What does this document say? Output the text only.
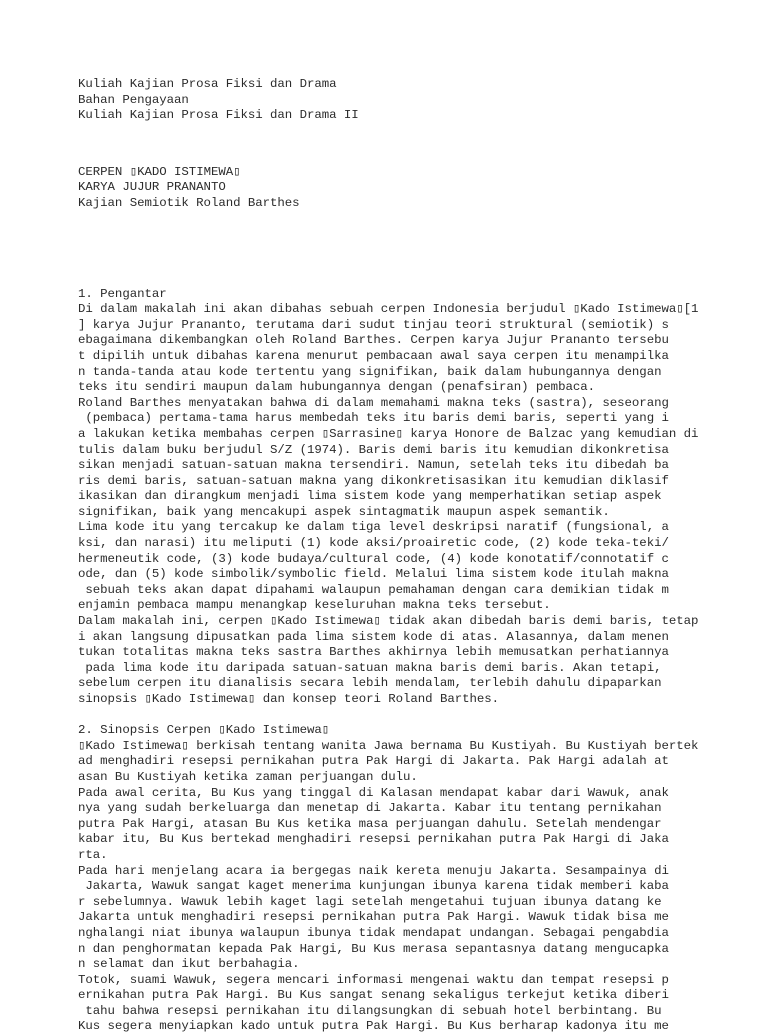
Kuliah Kajian Prosa Fiksi dan Drama
Bahan Pengayaan
Kuliah Kajian Prosa Fiksi dan Drama II
CERPEN ▯KADO ISTIMEWA▯
KARYA JUJUR PRANANTO
Kajian Semiotik Roland Barthes
1. Pengantar
Di dalam makalah ini akan dibahas sebuah cerpen Indonesia berjudul ▯Kado Istimewa▯[1
] karya Jujur Prananto, terutama dari sudut tinjau teori struktural (semiotik) s
ebagaimana dikembangkan oleh Roland Barthes. Cerpen karya Jujur Prananto tersebu
t dipilih untuk dibahas karena menurut pembacaan awal saya cerpen itu menampilka
n tanda-tanda atau kode tertentu yang signifikan, baik dalam hubungannya dengan
teks itu sendiri maupun dalam hubungannya dengan (penafsiran) pembaca.
Roland Barthes menyatakan bahwa di dalam memahami makna teks (sastra), seseorang
(pembaca) pertama-tama harus membedah teks itu baris demi baris, seperti yang i
a lakukan ketika membahas cerpen ▯Sarrasine▯ karya Honore de Balzac yang kemudian di
tulis dalam buku berjudul S/Z (1974). Baris demi baris itu kemudian dikonkretisa
sikan menjadi satuan-satuan makna tersendiri. Namun, setelah teks itu dibedah ba
ris demi baris, satuan-satuan makna yang dikonkretisasikan itu kemudian diklasif
ikasikan dan dirangkum menjadi lima sistem kode yang memperhatikan setiap aspek
signifikan, baik yang mencakupi aspek sintagmatik maupun aspek semantik.
Lima kode itu yang tercakup ke dalam tiga level deskripsi naratif (fungsional, a
ksi, dan narasi) itu meliputi (1) kode aksi/proairetic code, (2) kode teka-teki/
hermeneutik code, (3) kode budaya/cultural code, (4) kode konotatif/connotatif c
ode, dan (5) kode simbolik/symbolic field. Melalui lima sistem kode itulah makna
sebuah teks akan dapat dipahami walaupun pemahaman dengan cara demikian tidak m
enjamin pembaca mampu menangkap keseluruhan makna teks tersebut.
Dalam makalah ini, cerpen ▯Kado Istimewa▯ tidak akan dibedah baris demi baris, tetap
i akan langsung dipusatkan pada lima sistem kode di atas. Alasannya, dalam menen
tukan totalitas makna teks sastra Barthes akhirnya lebih memusatkan perhatiannya
pada lima kode itu daripada satuan-satuan makna baris demi baris. Akan tetapi,
sebelum cerpen itu dianalisis secara lebih mendalam, terlebih dahulu dipaparkan
sinopsis ▯Kado Istimewa▯ dan konsep teori Roland Barthes.
2. Sinopsis Cerpen ▯Kado Istimewa▯
▯Kado Istimewa▯ berkisah tentang wanita Jawa bernama Bu Kustiyah. Bu Kustiyah bertek
ad menghadiri resepsi pernikahan putra Pak Hargi di Jakarta. Pak Hargi adalah at
asan Bu Kustiyah ketika zaman perjuangan dulu.
Pada awal cerita, Bu Kus yang tinggal di Kalasan mendapat kabar dari Wawuk, anak
nya yang sudah berkeluarga dan menetap di Jakarta. Kabar itu tentang pernikahan
putra Pak Hargi, atasan Bu Kus ketika masa perjuangan dahulu. Setelah mendengar
kabar itu, Bu Kus bertekad menghadiri resepsi pernikahan putra Pak Hargi di Jaka
rta.
Pada hari menjelang acara ia bergegas naik kereta menuju Jakarta. Sesampainya di
Jakarta, Wawuk sangat kaget menerima kunjungan ibunya karena tidak memberi kaba
r sebelumnya. Wawuk lebih kaget lagi setelah mengetahui tujuan ibunya datang ke
Jakarta untuk menghadiri resepsi pernikahan putra Pak Hargi. Wawuk tidak bisa me
nghalangi niat ibunya walaupun ibunya tidak mendapat undangan. Sebagai pengabdia
n dan penghormatan kepada Pak Hargi, Bu Kus merasa sepantasnya datang mengucapka
n selamat dan ikut berbahagia.
Totok, suami Wawuk, segera mencari informasi mengenai waktu dan tempat resepsi p
ernikahan putra Pak Hargi. Bu Kus sangat senang sekaligus terkejut ketika diberi
tahu bahwa resepsi pernikahan itu dilangsungkan di sebuah hotel berbintang. Bu
Kus segera menyiapkan kado untuk putra Pak Hargi. Bu Kus berharap kadonya itu me
